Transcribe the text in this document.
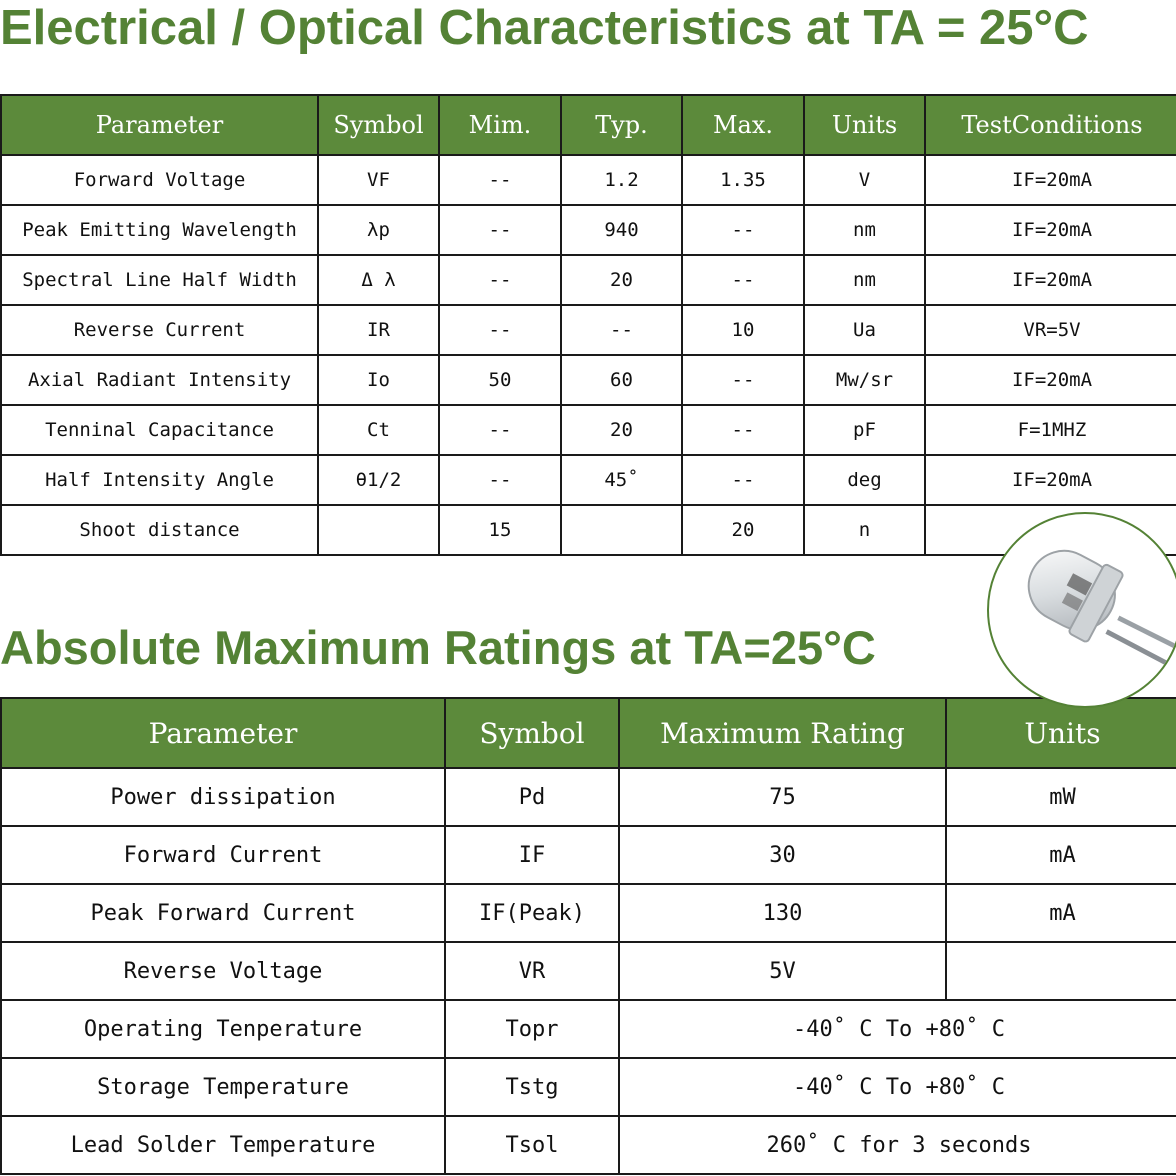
Electrical / Optical Characteristics at TA = 25°C
Parameter	Symbol	Mim.	Typ.	Max.	Units	TestConditions
Forward Voltage	VF	--	1.2	1.35	V	IF=20mA
Peak Emitting Wavelength	λp	--	940	--	nm	IF=20mA
Spectral Line Half Width	Δ λ	--	20	--	nm	IF=20mA
Reverse Current	IR	--	--	10	Ua	VR=5V
Axial Radiant Intensity	Io	50	60	--	Mw/sr	IF=20mA
Tenninal Capacitance	Ct	--	20	--	pF	F=1MHZ
Half Intensity Angle	θ1/2	--	45˚	--	deg	IF=20mA
Shoot distance		15		20	n	
Absolute Maximum Ratings at TA=25°C
Parameter	Symbol	Maximum Rating	Units
Power dissipation	Pd	75	mW
Forward Current	IF	30	mA
Peak Forward Current	IF(Peak)	130	mA
Reverse Voltage	VR	5V	
Operating Tenperature	Topr	-40˚ C To +80˚ C	
Storage Temperature	Tstg	-40˚ C To +80˚ C	
Lead Solder Temperature	Tsol	260˚ C for 3 seconds	
